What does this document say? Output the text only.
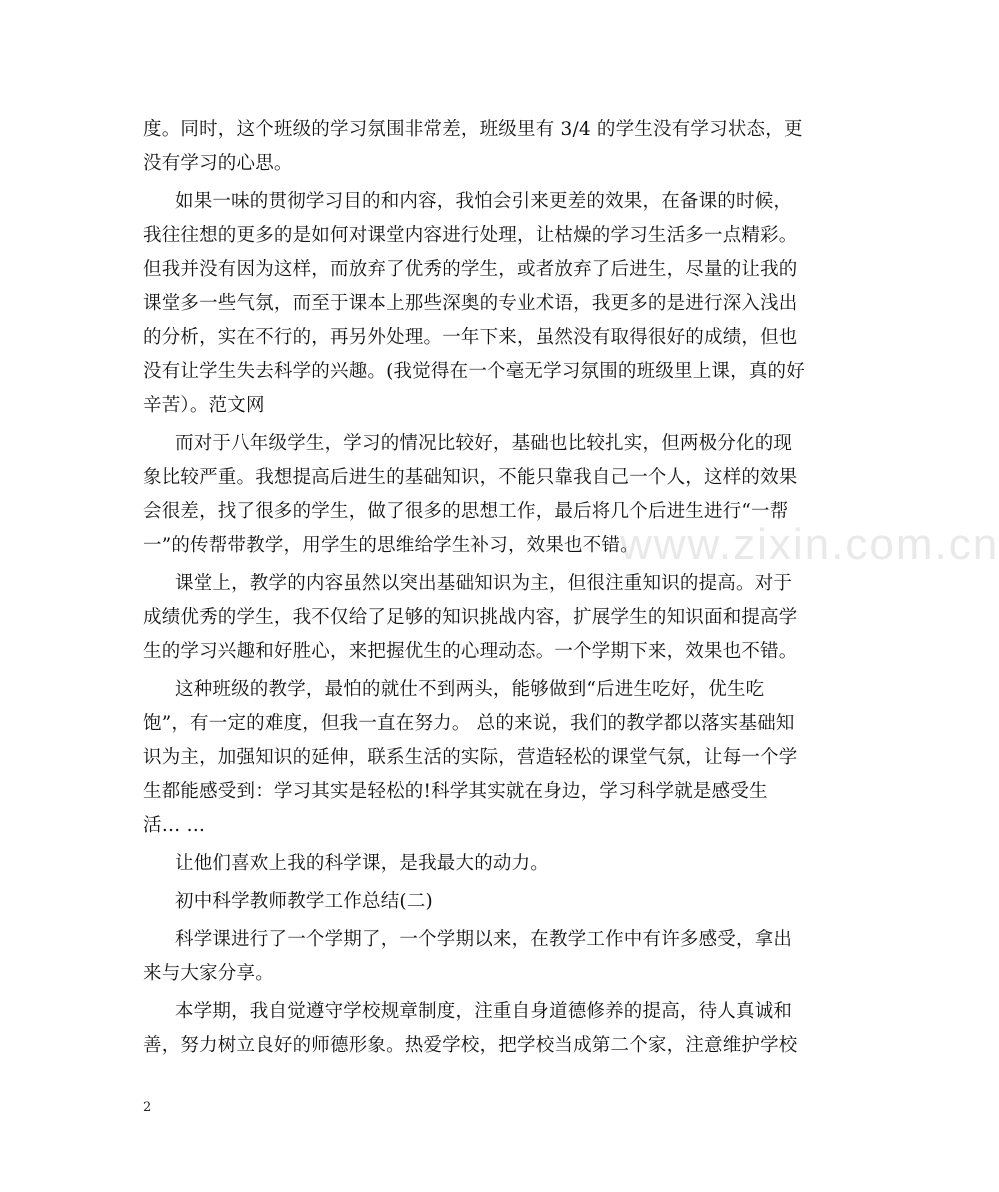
www.zixin.com.cn
度。同时，这个班级的学习氛围非常差，班级里有 3/4 的学生没有学习状态，更
没有学习的心思。
如果一味的贯彻学习目的和内容，我怕会引来更差的效果，在备课的时候，
我往往想的更多的是如何对课堂内容进行处理，让枯燥的学习生活多一点精彩。
但我并没有因为这样，而放弃了优秀的学生，或者放弃了后进生，尽量的让我的
课堂多一些气氛，而至于课本上那些深奥的专业术语，我更多的是进行深入浅出
的分析，实在不行的，再另外处理。一年下来，虽然没有取得很好的成绩，但也
没有让学生失去科学的兴趣。(我觉得在一个毫无学习氛围的班级里上课，真的好
辛苦）。范文网
而对于八年级学生，学习的情况比较好，基础也比较扎实，但两极分化的现
象比较严重。我想提高后进生的基础知识，不能只靠我自己一个人，这样的效果
会很差，找了很多的学生，做了很多的思想工作，最后将几个后进生进行“一帮
一”的传帮带教学，用学生的思维给学生补习，效果也不错。
课堂上，教学的内容虽然以突出基础知识为主，但很注重知识的提高。对于
成绩优秀的学生，我不仅给了足够的知识挑战内容，扩展学生的知识面和提高学
生的学习兴趣和好胜心，来把握优生的心理动态。一个学期下来，效果也不错。
这种班级的教学，最怕的就仕不到两头，能够做到“后进生吃好，优生吃
饱”，有一定的难度，但我一直在努力。 总的来说，我们的教学都以落实基础知
识为主，加强知识的延伸，联系生活的实际，营造轻松的课堂气氛，让每一个学
生都能感受到：学习其实是轻松的!科学其实就在身边，学习科学就是感受生
活… …
让他们喜欢上我的科学课，是我最大的动力。
初中科学教师教学工作总结(二)
科学课进行了一个学期了，一个学期以来，在教学工作中有许多感受，拿出
来与大家分享。
本学期，我自觉遵守学校规章制度，注重自身道德修养的提高，待人真诚和
善，努力树立良好的师德形象。热爱学校，把学校当成第二个家，注意维护学校
2
